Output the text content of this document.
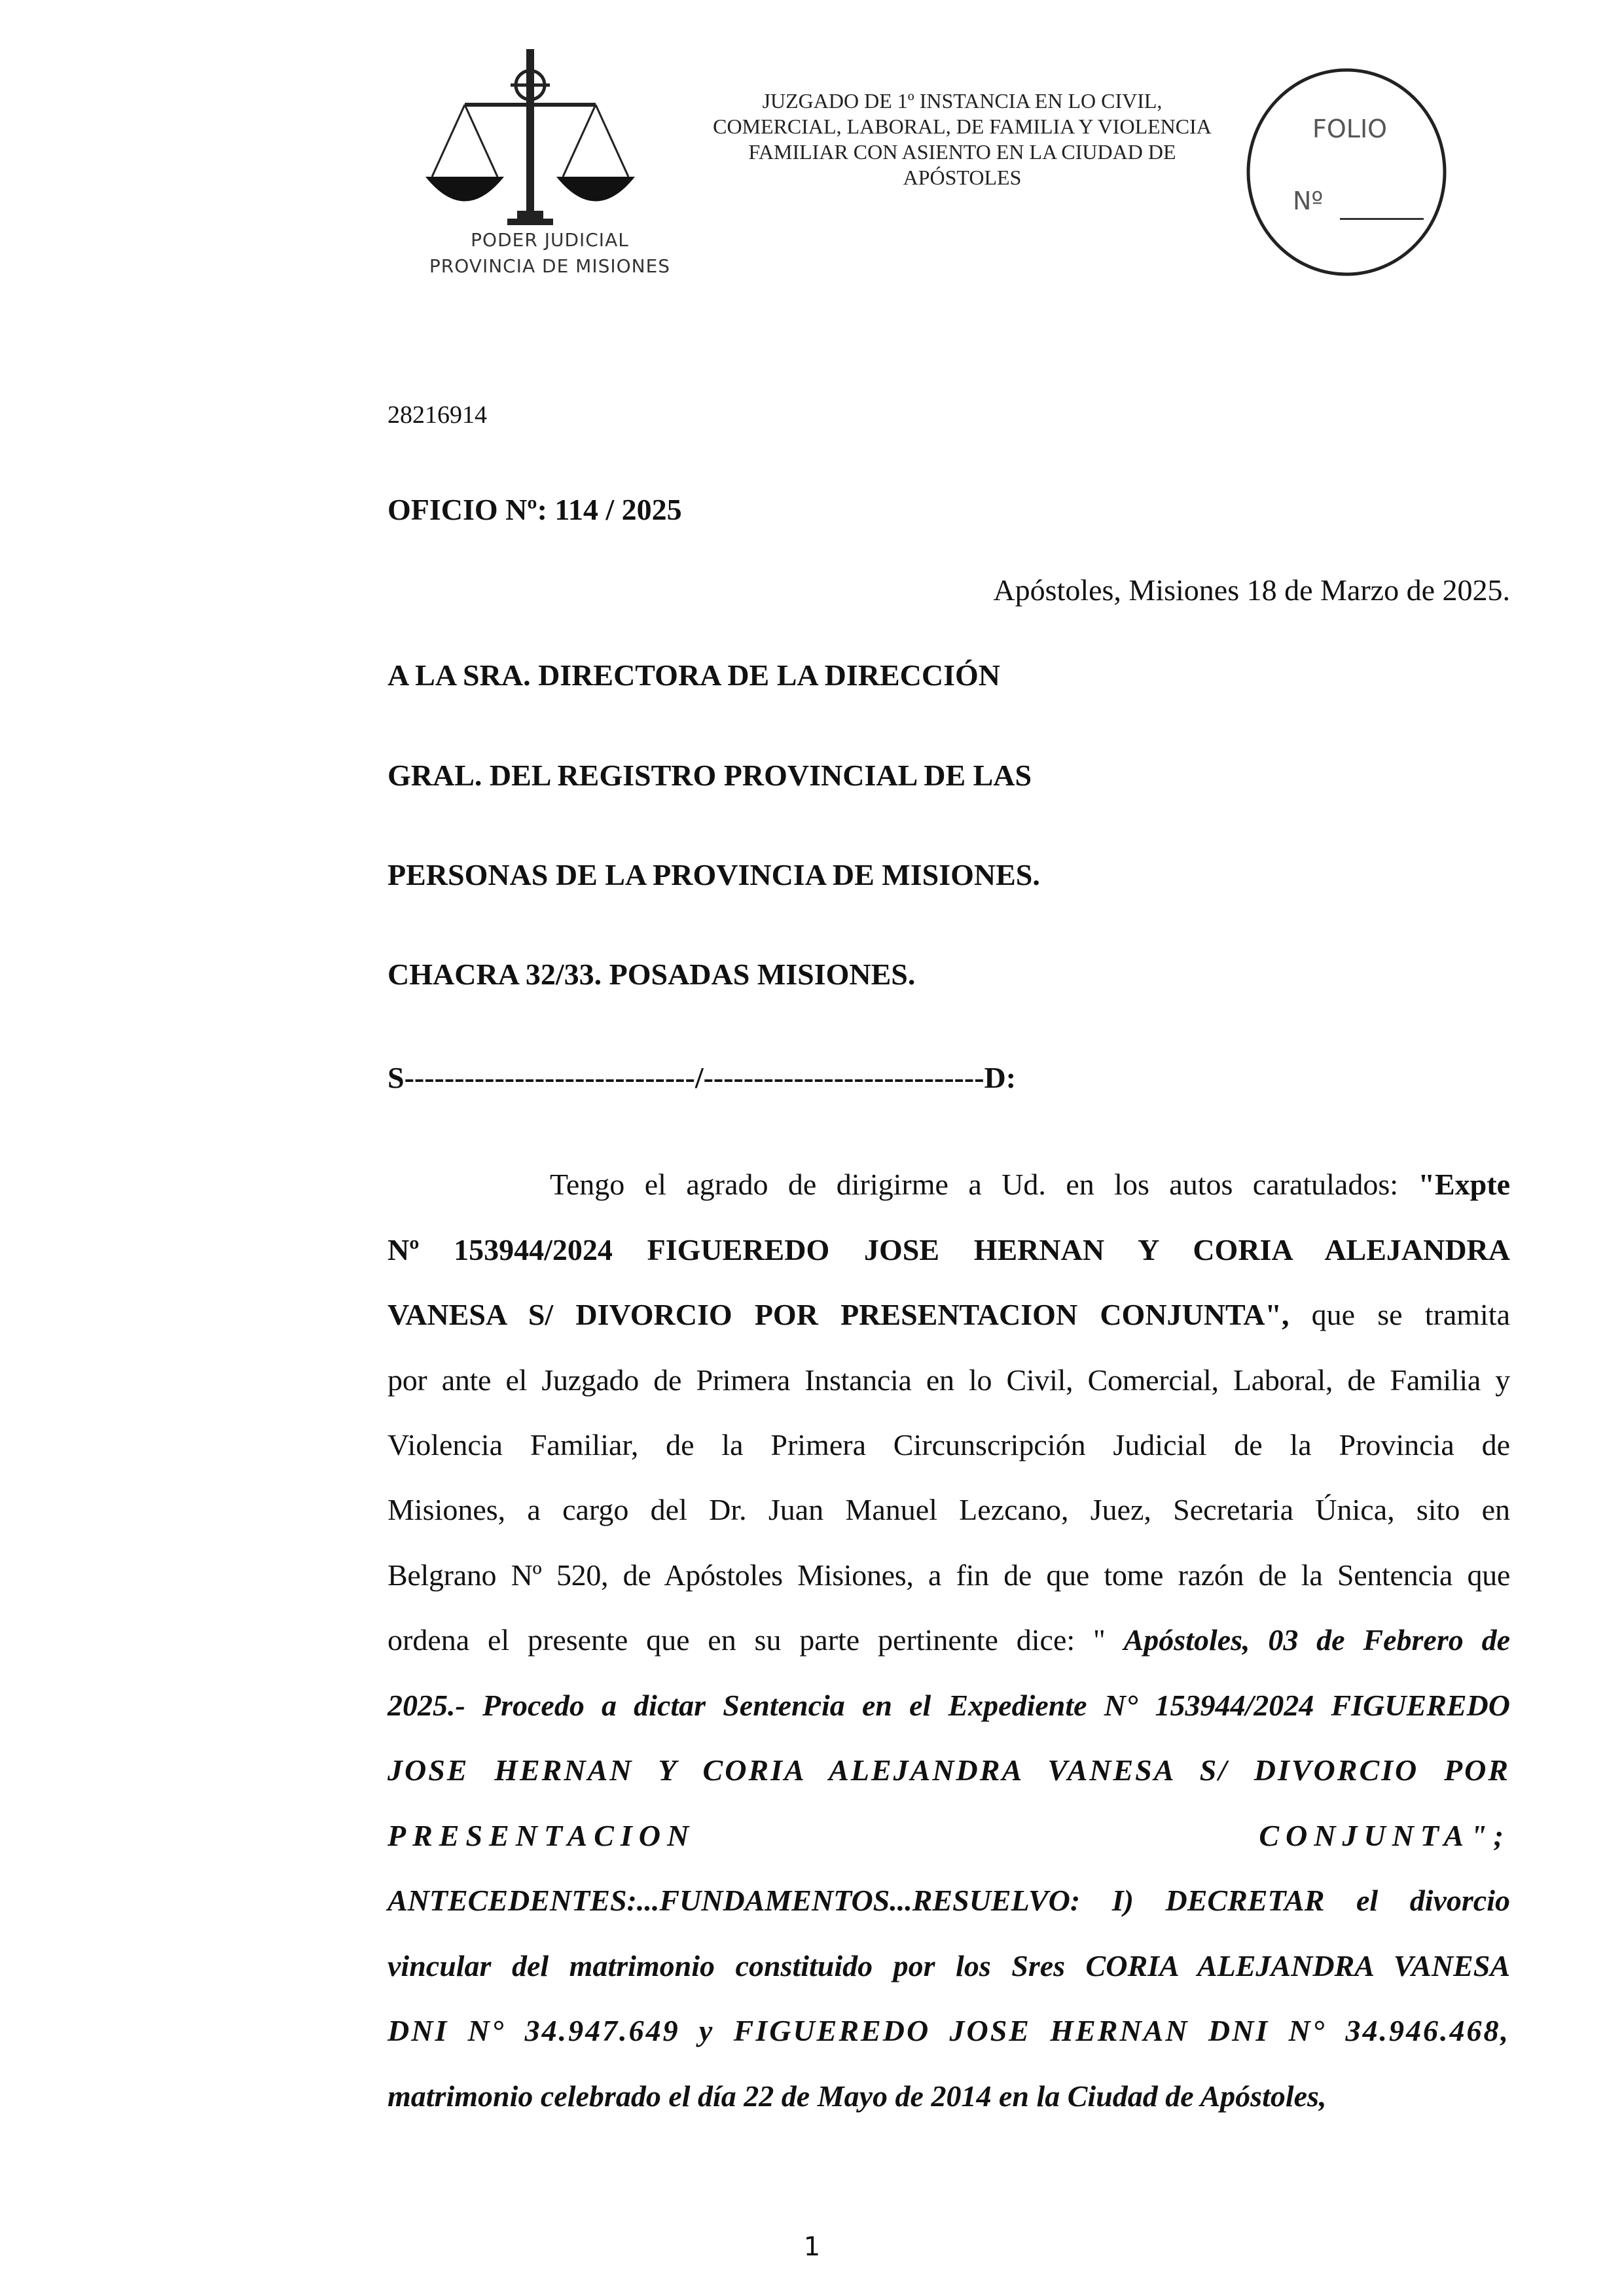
PODER JUDICIAL
PROVINCIA DE MISIONES
JUZGADO DE 1º INSTANCIA EN LO CIVIL,
COMERCIAL, LABORAL, DE FAMILIA Y VIOLENCIA
FAMILIAR CON ASIENTO EN LA CIUDAD DE
APÓSTOLES
FOLIO
Nº
28216914
OFICIO Nº: 114 / 2025
Apóstoles, Misiones 18 de Marzo de 2025.
A LA SRA. DIRECTORA DE LA DIRECCIÓN
GRAL. DEL REGISTRO PROVINCIAL DE LAS
PERSONAS DE LA PROVINCIA DE MISIONES.
CHACRA 32/33. POSADAS MISIONES.
S-----------------------------/----------------------------D:
Tengo el agrado de dirigirme a Ud. en los autos caratulados: "Expte
Nº 153944/2024 FIGUEREDO JOSE HERNAN Y CORIA ALEJANDRA
VANESA S/ DIVORCIO POR PRESENTACION CONJUNTA", que se tramita
por ante el Juzgado de Primera Instancia en lo Civil, Comercial, Laboral, de Familia y
Violencia Familiar, de la Primera Circunscripción Judicial de la Provincia de
Misiones, a cargo del Dr. Juan Manuel Lezcano, Juez, Secretaria Única, sito en
Belgrano Nº 520, de Apóstoles Misiones, a fin de que tome razón de la Sentencia que
ordena el presente que en su parte pertinente dice: " Apóstoles, 03 de Febrero de
2025.- Procedo a dictar Sentencia en el Expediente N° 153944/2024 FIGUEREDO
JOSE HERNAN Y CORIA ALEJANDRA VANESA S/ DIVORCIO POR
PRESENTACION	CONJUNTA";
ANTECEDENTES:...FUNDAMENTOS...RESUELVO: I) DECRETAR el divorcio
vincular del matrimonio constituido por los Sres CORIA ALEJANDRA VANESA
DNI N° 34.947.649 y FIGUEREDO JOSE HERNAN DNI N° 34.946.468,
matrimonio celebrado el día 22 de Mayo de 2014 en la Ciudad de Apóstoles,
1
